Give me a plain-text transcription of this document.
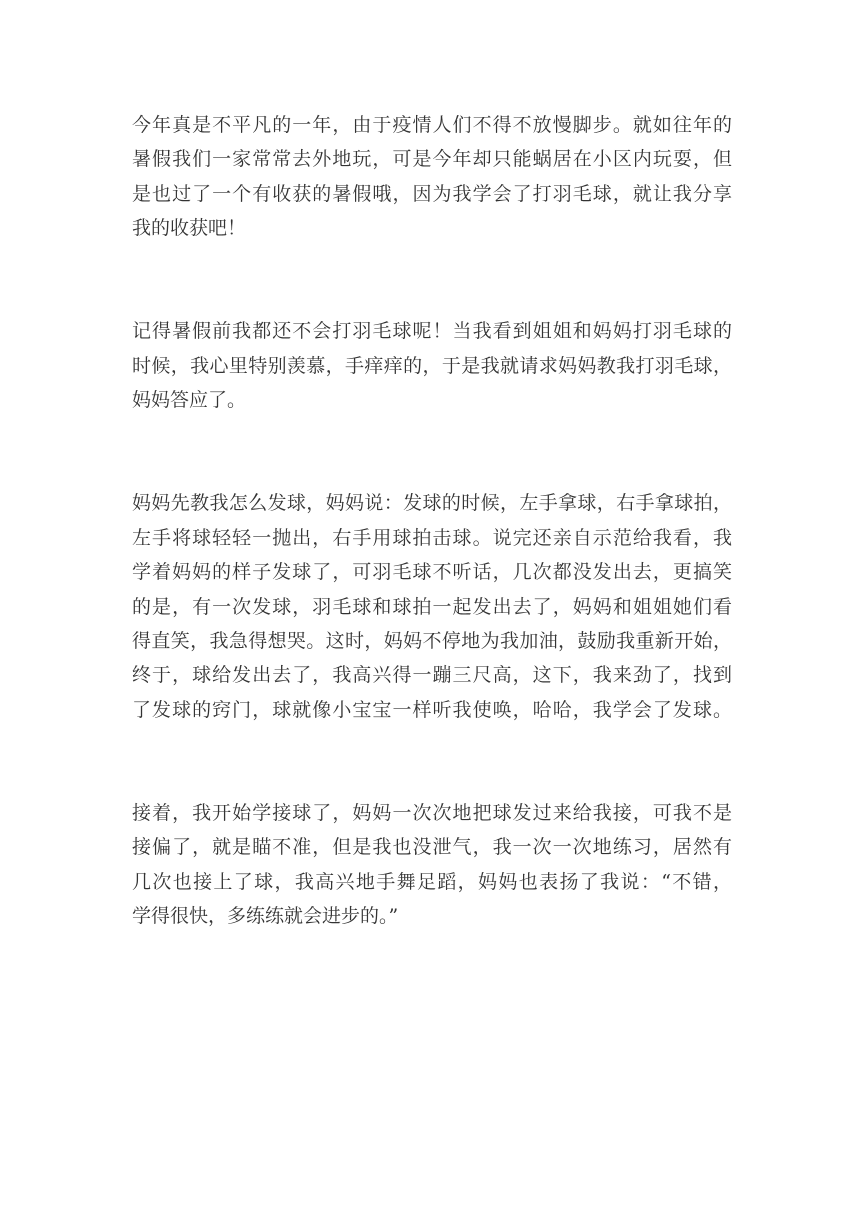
今年真是不平凡的一年，由于疫情人们不得不放慢脚步。就如往年的
暑假我们一家常常去外地玩，可是今年却只能蜗居在小区内玩耍，但
是也过了一个有收获的暑假哦，因为我学会了打羽毛球，就让我分享
我的收获吧！
记得暑假前我都还不会打羽毛球呢！当我看到姐姐和妈妈打羽毛球的
时候，我心里特别羡慕，手痒痒的，于是我就请求妈妈教我打羽毛球，
妈妈答应了。
妈妈先教我怎么发球，妈妈说：发球的时候，左手拿球，右手拿球拍，
左手将球轻轻一抛出，右手用球拍击球。说完还亲自示范给我看，我
学着妈妈的样子发球了，可羽毛球不听话，几次都没发出去，更搞笑
的是，有一次发球，羽毛球和球拍一起发出去了，妈妈和姐姐她们看
得直笑，我急得想哭。这时，妈妈不停地为我加油，鼓励我重新开始，
终于，球给发出去了，我高兴得一蹦三尺高，这下，我来劲了，找到
了发球的窍门，球就像小宝宝一样听我使唤，哈哈，我学会了发球。
接着，我开始学接球了，妈妈一次次地把球发过来给我接，可我不是
接偏了，就是瞄不准，但是我也没泄气，我一次一次地练习，居然有
几次也接上了球，我高兴地手舞足蹈，妈妈也表扬了我说：“不错，
学得很快，多练练就会进步的。”
